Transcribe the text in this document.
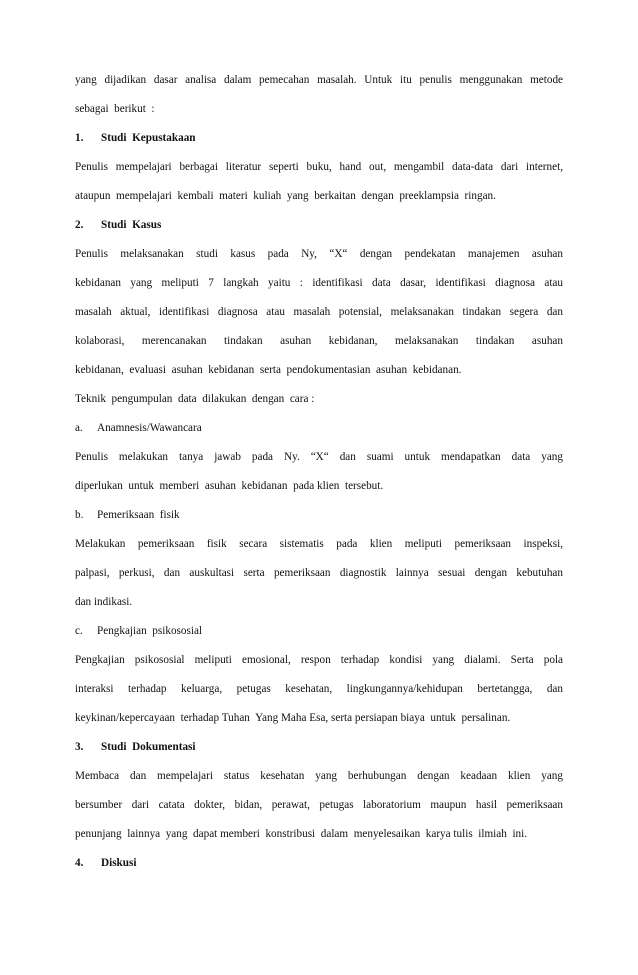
yang dijadikan dasar analisa dalam pemecahan masalah. Untuk itu penulis menggunakan metode
sebagai  berikut  :
1. Studi  Kepustakaan
Penulis mempelajari berbagai literatur seperti buku, hand out, mengambil data-data dari internet,
ataupun  mempelajari  kembali  materi  kuliah  yang  berkaitan  dengan  preeklampsia  ringan.
2. Studi  Kasus
Penulis melaksanakan studi kasus pada Ny, “X“ dengan pendekatan manajemen asuhan
kebidanan yang meliputi 7 langkah yaitu : identifikasi data dasar, identifikasi diagnosa atau
masalah aktual, identifikasi diagnosa atau masalah potensial, melaksanakan tindakan segera dan
kolaborasi, merencanakan tindakan asuhan kebidanan, melaksanakan tindakan asuhan
kebidanan,  evaluasi  asuhan  kebidanan  serta  pendokumentasian  asuhan  kebidanan.
Teknik  pengumpulan  data  dilakukan  dengan  cara :
a. Anamnesis/Wawancara
Penulis melakukan tanya jawab pada Ny. “X“ dan suami untuk mendapatkan data yang
diperlukan  untuk  memberi  asuhan  kebidanan  pada klien  tersebut.
b. Pemeriksaan  fisik
Melakukan pemeriksaan fisik secara sistematis pada klien meliputi pemeriksaan inspeksi,
palpasi, perkusi, dan auskultasi serta pemeriksaan diagnostik lainnya sesuai dengan kebutuhan
dan indikasi.
c. Pengkajian  psikososial
Pengkajian psikososial meliputi emosional, respon terhadap kondisi yang dialami. Serta pola
interaksi terhadap keluarga, petugas kesehatan, lingkungannya/kehidupan bertetangga, dan
keykinan/kepercayaan  terhadap Tuhan  Yang Maha Esa, serta persiapan biaya  untuk  persalinan.
3. Studi  Dokumentasi
Membaca dan mempelajari status kesehatan yang berhubungan dengan keadaan klien yang
bersumber dari catata dokter, bidan, perawat, petugas laboratorium maupun hasil pemeriksaan
penunjang  lainnya  yang  dapat memberi  konstribusi  dalam  menyelesaikan  karya tulis  ilmiah  ini.
4. Diskusi
